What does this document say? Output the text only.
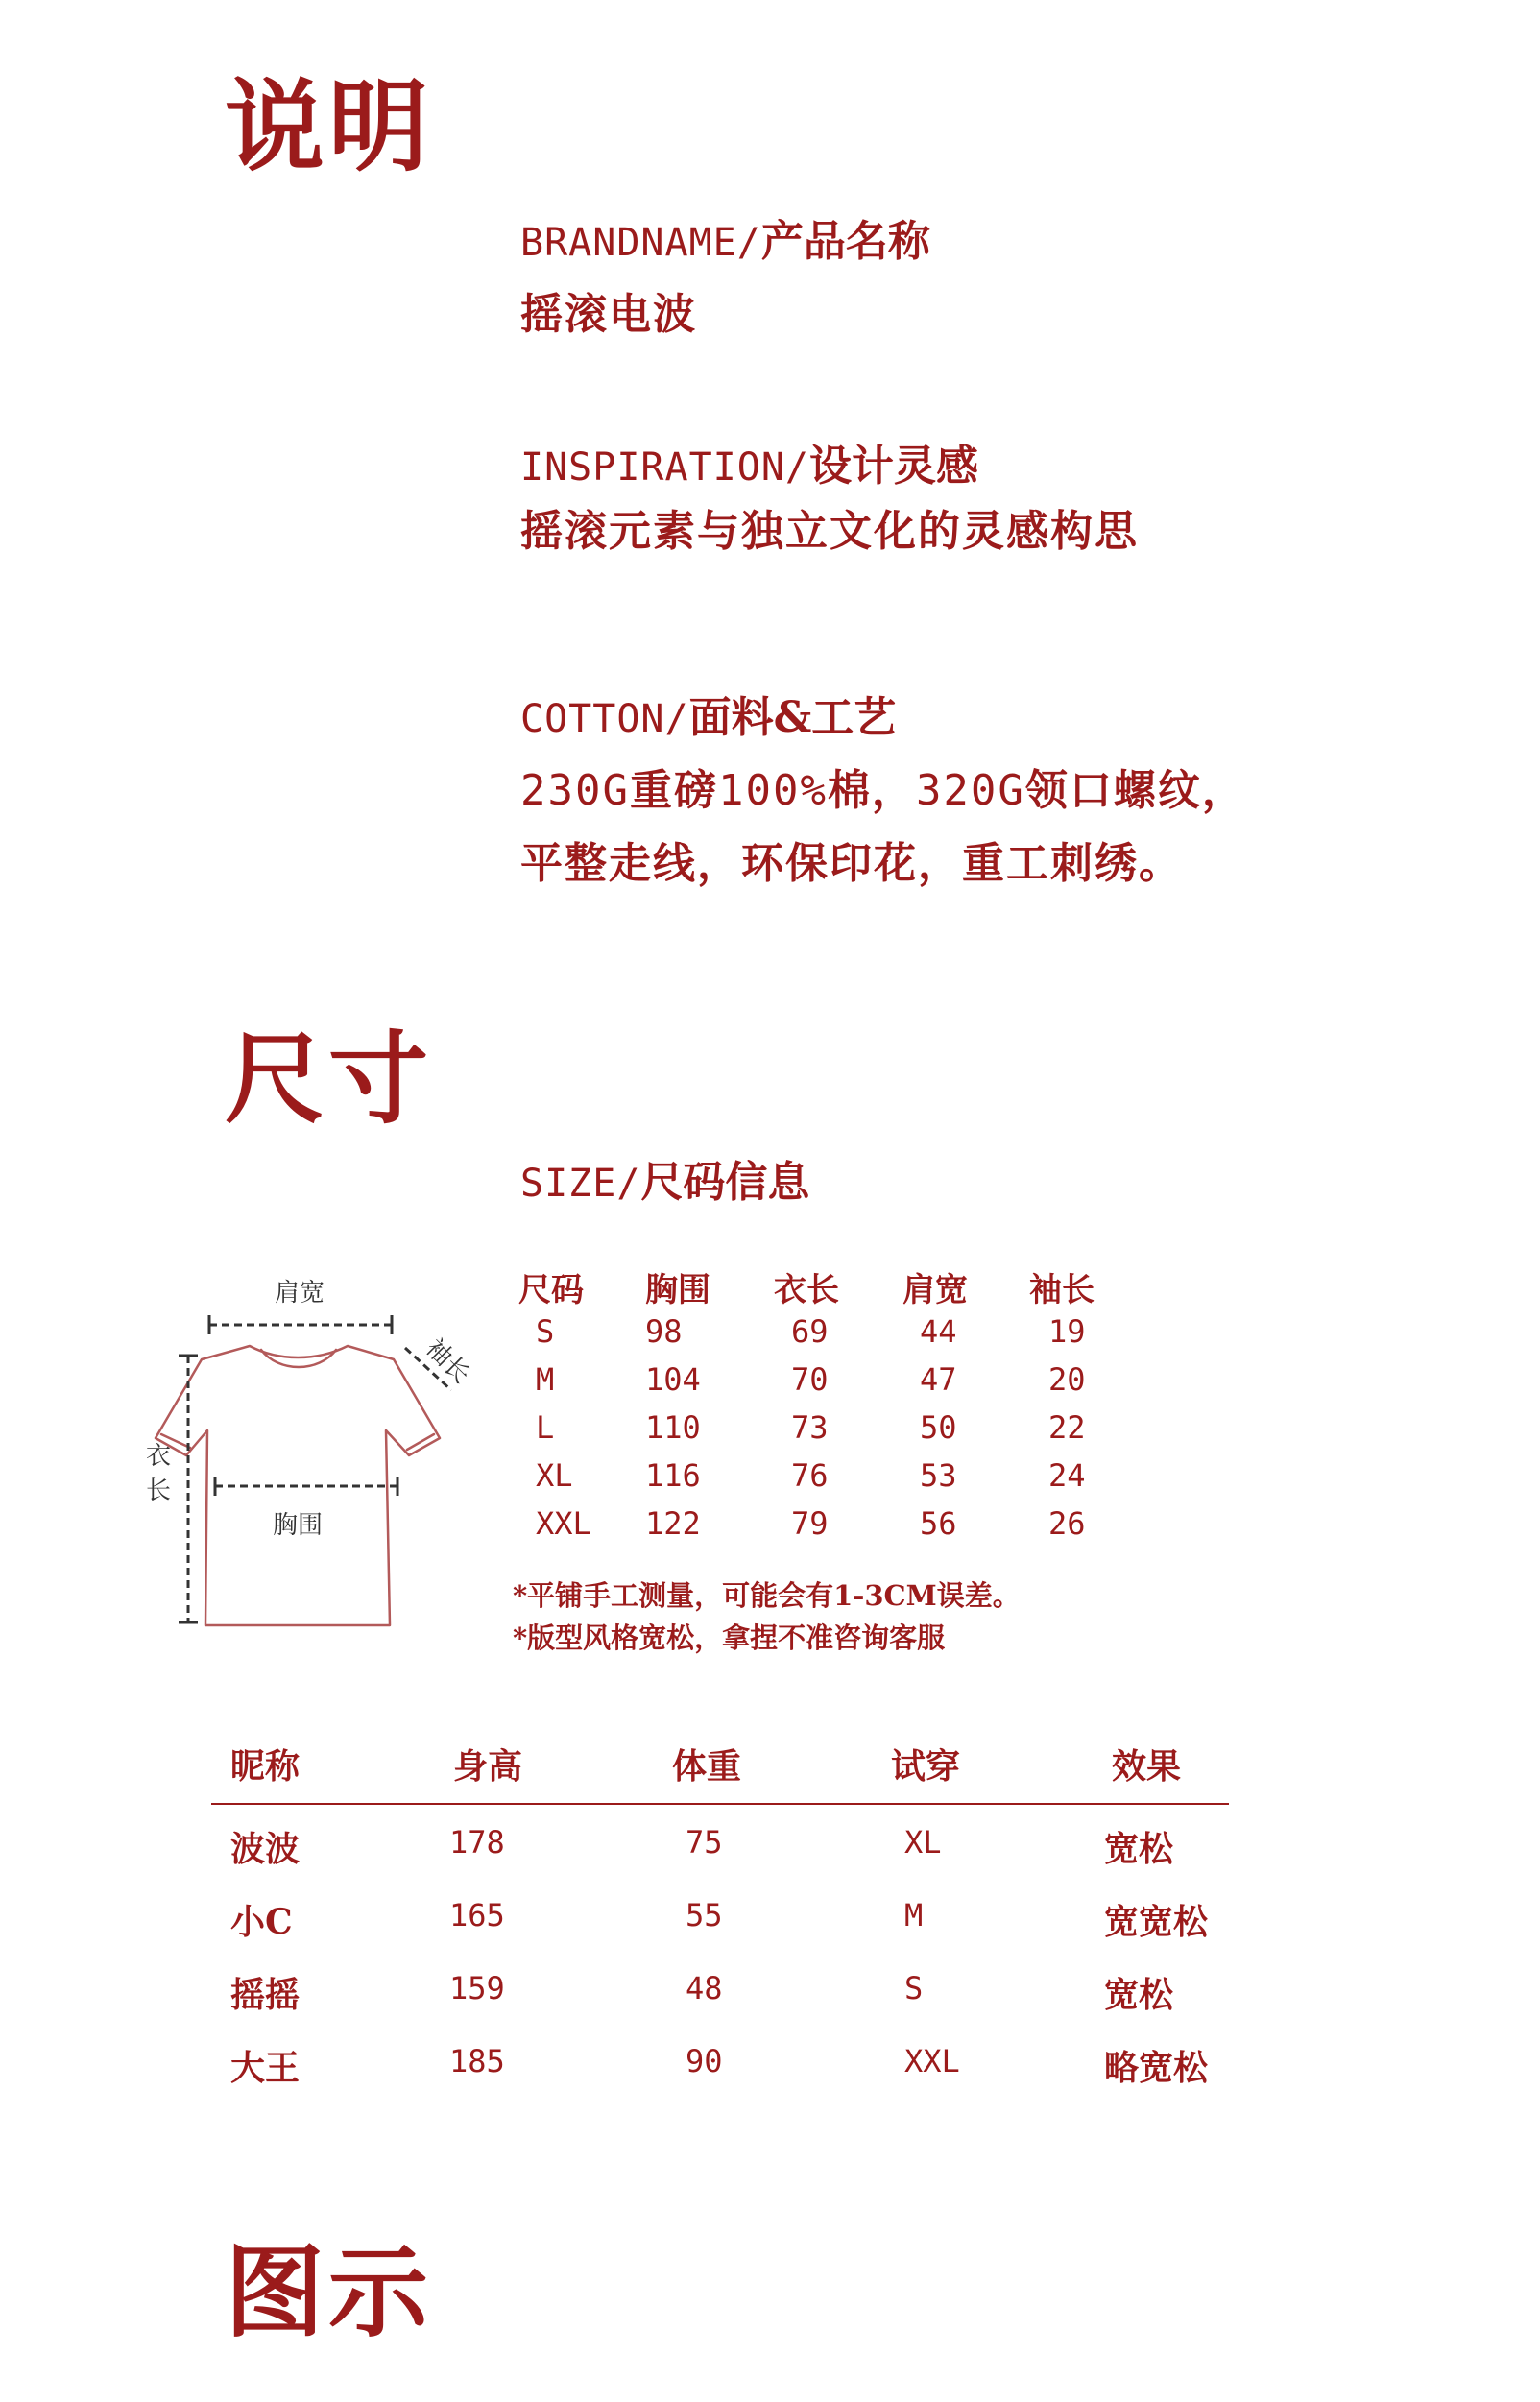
说明
尺寸
图示
BRANDNAME/产品名称
摇滚电波
INSPIRATION/设计灵感
摇滚元素与独立文化的灵感构思
COTTON/面料&工艺
230G重磅100%棉，320G领口螺纹，
平整走线，环保印花，重工刺绣。
SIZE/尺码信息
肩宽
袖长
衣
长
胸围
尺码 胸围 衣长 肩宽 袖长
S	98	69	44	19
M	104	70	47	20
L	110	73	50	22
XL 116	76	53	24
XXL 122	79	56	26
*平铺手工测量，可能会有1-3CM误差。
*版型风格宽松，拿捏不准咨询客服
昵称	身高	体重	试穿	效果
波波	178	75	XL	宽松
小C	165	55	M	宽宽松
摇摇	159	48	S	宽松
大王	185	90	XXL	略宽松
